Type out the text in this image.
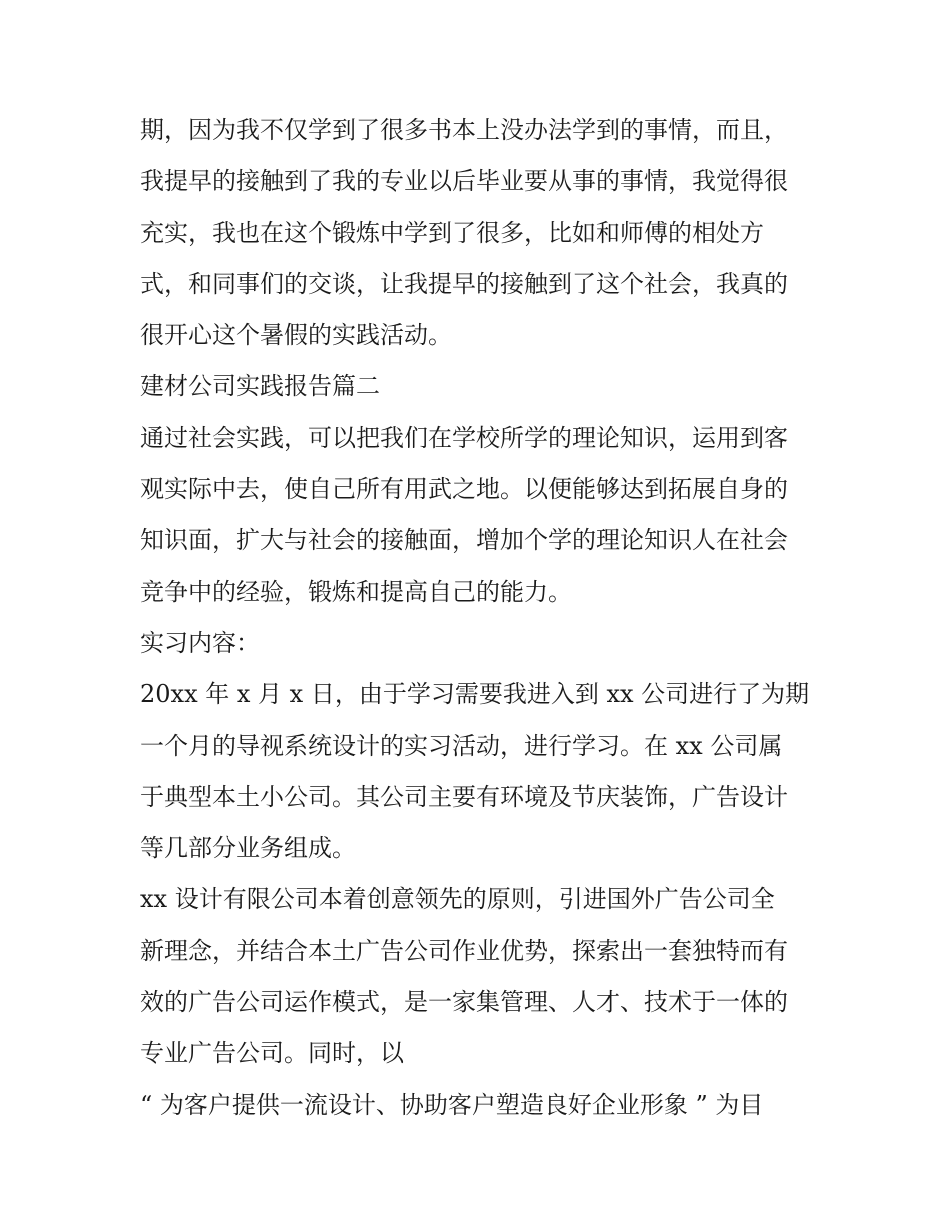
期，因为我不仅学到了很多书本上没办法学到的事情，而且，
我提早的接触到了我的专业以后毕业要从事的事情，我觉得很
充实，我也在这个锻炼中学到了很多，比如和师傅的相处方
式，和同事们的交谈，让我提早的接触到了这个社会，我真的
很开心这个暑假的实践活动。
建材公司实践报告篇二
通过社会实践，可以把我们在学校所学的理论知识，运用到客
观实际中去，使自己所有用武之地。以便能够达到拓展自身的
知识面，扩大与社会的接触面，增加个学的理论知识人在社会
竞争中的经验，锻炼和提高自己的能力。
实习内容：
20xx 年 x 月 x 日，由于学习需要我进入到 xx 公司进行了为期
一个月的导视系统设计的实习活动，进行学习。在 xx 公司属
于典型本土小公司。其公司主要有环境及节庆装饰，广告设计
等几部分业务组成。
xx 设计有限公司本着创意领先的原则，引进国外广告公司全
新理念，并结合本土广告公司作业优势，探索出一套独特而有
效的广告公司运作模式，是一家集管理、人才、技术于一体的
专业广告公司。同时，以
“ 为客户提供一流设计、协助客户塑造良好企业形象 ” 为目
